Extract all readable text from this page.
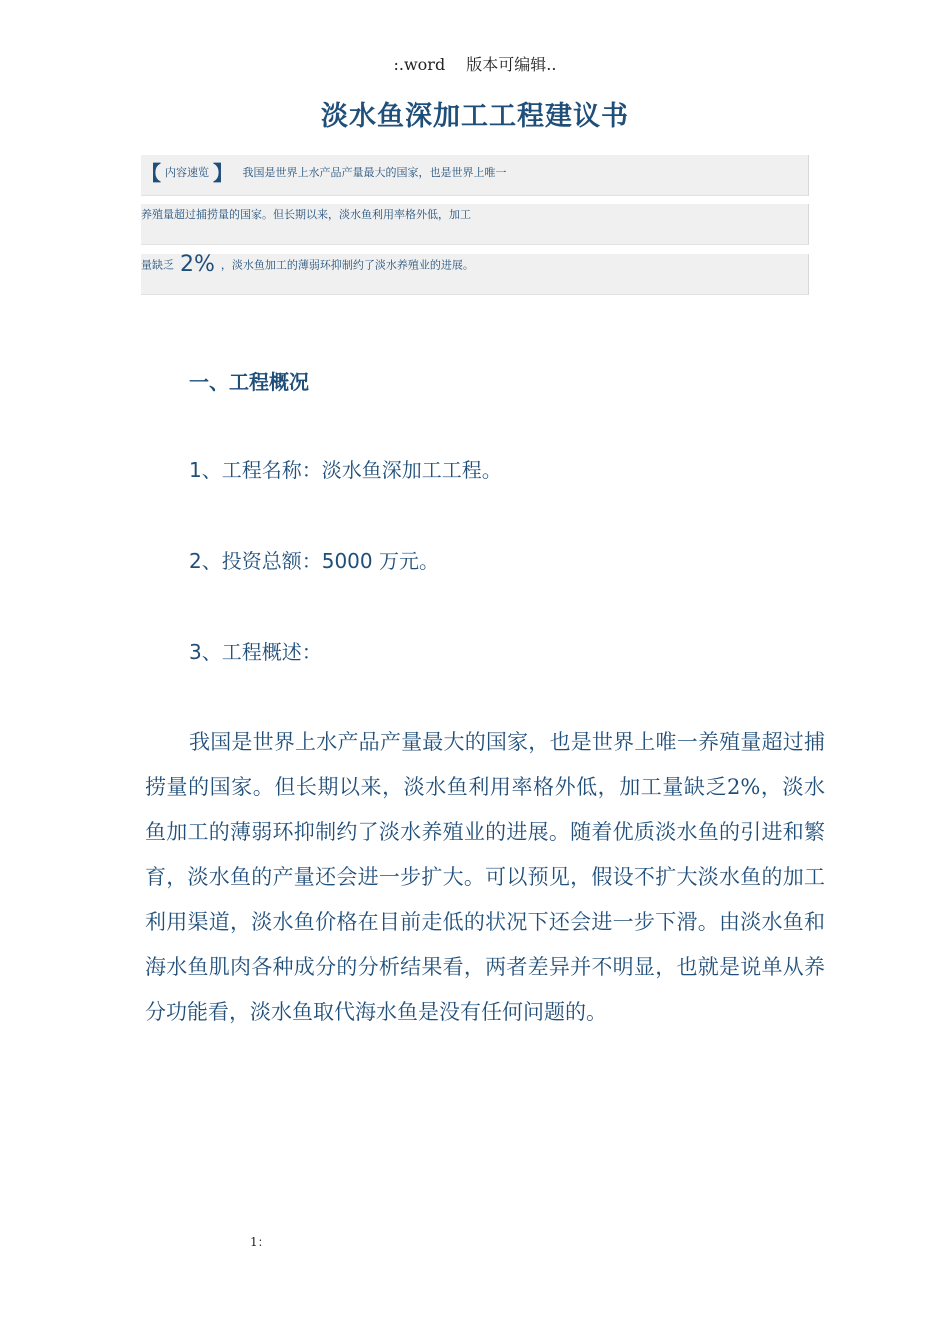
:.word 版本可编辑..
淡水鱼深加工工程建议书
【 内容速览 】 我国是世界上水产品产量最大的国家，也是世界上唯一
养殖量超过捕捞量的国家。但长期以来，淡水鱼利用率格外低，加工
量缺乏 2% ，淡水鱼加工的薄弱环抑制约了淡水养殖业的进展。
一、工程概况
1、工程名称：淡水鱼深加工工程。
2、投资总额：5000 万元。
3、工程概述：
我国是世界上水产品产量最大的国家，也是世界上唯一养殖量超过捕捞量的国家。但长期以来，淡水鱼利用率格外低，加工量缺乏2%，淡水鱼加工的薄弱环抑制约了淡水养殖业的进展。随着优质淡水鱼的引进和繁育，淡水鱼的产量还会进一步扩大。可以预见，假设不扩大淡水鱼的加工利用渠道，淡水鱼价格在目前走低的状况下还会进一步下滑。由淡水鱼和海水鱼肌肉各种成分的分析结果看，两者差异并不明显，也就是说单从养分功能看，淡水鱼取代海水鱼是没有任何问题的。
1：
